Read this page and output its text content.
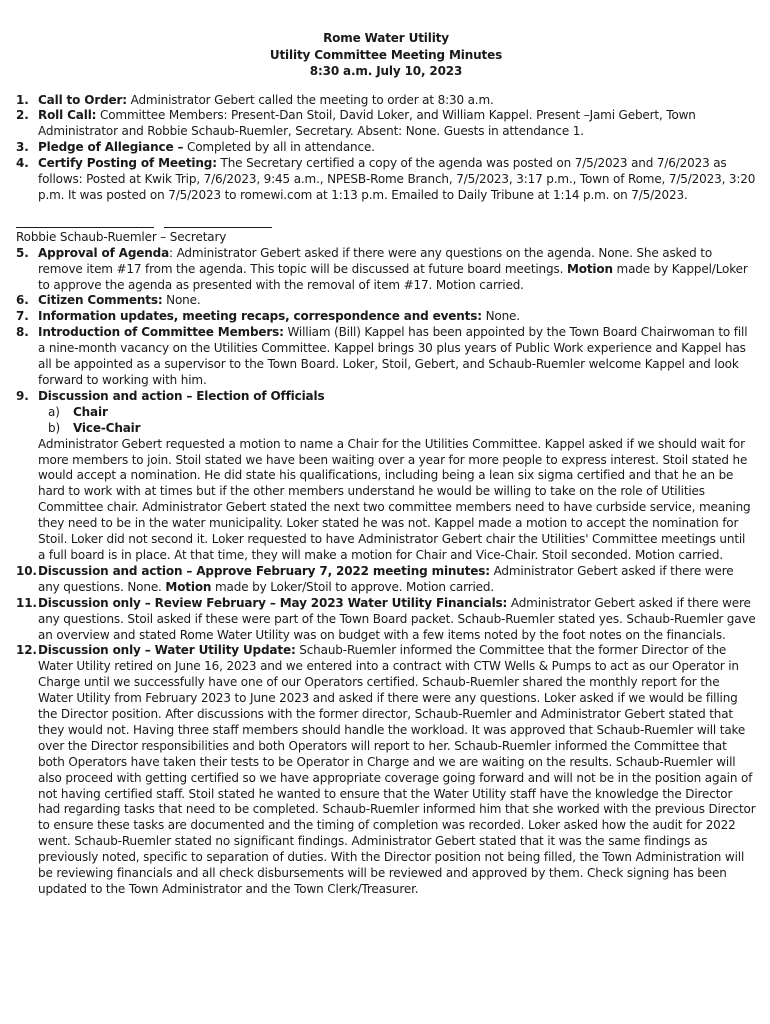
Rome Water Utility
Utility Committee Meeting Minutes
8:30 a.m. July 10, 2023
1. Call to Order: Administrator Gebert called the meeting to order at 8:30 a.m.
2. Roll Call: Committee Members: Present-Dan Stoil, David Loker, and William Kappel. Present –Jami Gebert, Town Administrator and Robbie Schaub-Ruemler, Secretary. Absent: None. Guests in attendance 1.
3. Pledge of Allegiance – Completed by all in attendance.
4. Certify Posting of Meeting: The Secretary certified a copy of the agenda was posted on 7/5/2023 and 7/6/2023 as follows: Posted at Kwik Trip, 7/6/2023, 9:45 a.m., NPESB-Rome Branch, 7/5/2023, 3:17 p.m., Town of Rome, 7/5/2023, 3:20 p.m. It was posted on 7/5/2023 to romewi.com at 1:13 p.m. Emailed to Daily Tribune at 1:14 p.m. on 7/5/2023.

Robbie Schaub-Ruemler – Secretary
5. Approval of Agenda: Administrator Gebert asked if there were any questions on the agenda. None. She asked to remove item #17 from the agenda. This topic will be discussed at future board meetings. Motion made by Kappel/Loker to approve the agenda as presented with the removal of item #17. Motion carried.
6. Citizen Comments: None.
7. Information updates, meeting recaps, correspondence and events: None.
8. Introduction of Committee Members: William (Bill) Kappel has been appointed by the Town Board Chairwoman to fill a nine-month vacancy on the Utilities Committee. Kappel brings 30 plus years of Public Work experience and Kappel has all be appointed as a supervisor to the Town Board. Loker, Stoil, Gebert, and Schaub-Ruemler welcome Kappel and look forward to working with him.
9. Discussion and action – Election of Officials
a) Chair
b) Vice-Chair
Administrator Gebert requested a motion to name a Chair for the Utilities Committee. Kappel asked if we should wait for more members to join. Stoil stated we have been waiting over a year for more people to express interest. Stoil stated he would accept a nomination. He did state his qualifications, including being a lean six sigma certified and that he an be hard to work with at times but if the other members understand he would be willing to take on the role of Utilities Committee chair. Administrator Gebert stated the next two committee members need to have curbside service, meaning they need to be in the water municipality. Loker stated he was not. Kappel made a motion to accept the nomination for Stoil. Loker did not second it. Loker requested to have Administrator Gebert chair the Utilities' Committee meetings until a full board is in place. At that time, they will make a motion for Chair and Vice-Chair. Stoil seconded. Motion carried.
10. Discussion and action – Approve February 7, 2022 meeting minutes: Administrator Gebert asked if there were any questions. None. Motion made by Loker/Stoil to approve. Motion carried.
11. Discussion only – Review February – May 2023 Water Utility Financials: Administrator Gebert asked if there were any questions. Stoil asked if these were part of the Town Board packet. Schaub-Ruemler stated yes. Schaub-Ruemler gave an overview and stated Rome Water Utility was on budget with a few items noted by the foot notes on the financials.
12. Discussion only – Water Utility Update: Schaub-Ruemler informed the Committee that the former Director of the Water Utility retired on June 16, 2023 and we entered into a contract with CTW Wells & Pumps to act as our Operator in Charge until we successfully have one of our Operators certified. Schaub-Ruemler shared the monthly report for the Water Utility from February 2023 to June 2023 and asked if there were any questions. Loker asked if we would be filling the Director position. After discussions with the former director, Schaub-Ruemler and Administrator Gebert stated that they would not. Having three staff members should handle the workload. It was approved that Schaub-Ruemler will take over the Director responsibilities and both Operators will report to her. Schaub-Ruemler informed the Committee that both Operators have taken their tests to be Operator in Charge and we are waiting on the results. Schaub-Ruemler will also proceed with getting certified so we have appropriate coverage going forward and will not be in the position again of not having certified staff. Stoil stated he wanted to ensure that the Water Utility staff have the knowledge the Director had regarding tasks that need to be completed. Schaub-Ruemler informed him that she worked with the previous Director to ensure these tasks are documented and the timing of completion was recorded. Loker asked how the audit for 2022 went. Schaub-Ruemler stated no significant findings. Administrator Gebert stated that it was the same findings as previously noted, specific to separation of duties. With the Director position not being filled, the Town Administration will be reviewing financials and all check disbursements will be reviewed and approved by them. Check signing has been updated to the Town Administrator and the Town Clerk/Treasurer.
